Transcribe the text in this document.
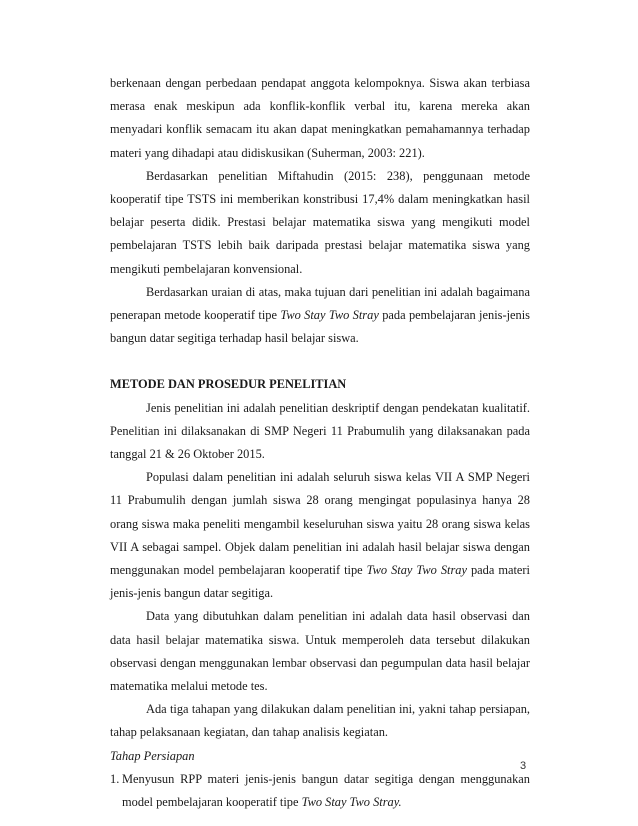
berkenaan dengan perbedaan pendapat anggota kelompoknya. Siswa akan terbiasa merasa enak meskipun ada konflik-konflik verbal itu, karena mereka akan menyadari konflik semacam itu akan dapat meningkatkan pemahamannya terhadap materi yang dihadapi atau didiskusikan (Suherman, 2003: 221).

Berdasarkan penelitian Miftahudin (2015: 238), penggunaan metode kooperatif tipe TSTS ini memberikan konstribusi 17,4% dalam meningkatkan hasil belajar peserta didik. Prestasi belajar matematika siswa yang mengikuti model pembelajaran TSTS lebih baik daripada prestasi belajar matematika siswa yang mengikuti pembelajaran konvensional.

Berdasarkan uraian di atas, maka tujuan dari penelitian ini adalah bagaimana penerapan metode kooperatif tipe Two Stay Two Stray pada pembelajaran jenis-jenis bangun datar segitiga terhadap hasil belajar siswa.

METODE DAN PROSEDUR PENELITIAN

Jenis penelitian ini adalah penelitian deskriptif dengan pendekatan kualitatif. Penelitian ini dilaksanakan di SMP Negeri 11 Prabumulih yang dilaksanakan pada tanggal 21 & 26 Oktober 2015.

Populasi dalam penelitian ini adalah seluruh siswa kelas VII A SMP Negeri 11 Prabumulih dengan jumlah siswa 28 orang mengingat populasinya hanya 28 orang siswa maka peneliti mengambil keseluruhan siswa yaitu 28 orang siswa kelas VII A sebagai sampel. Objek dalam penelitian ini adalah hasil belajar siswa dengan menggunakan model pembelajaran kooperatif tipe Two Stay Two Stray pada materi jenis-jenis bangun datar segitiga.

Data yang dibutuhkan dalam penelitian ini adalah data hasil observasi dan data hasil belajar matematika siswa. Untuk memperoleh data tersebut dilakukan observasi dengan menggunakan lembar observasi dan pegumpulan data hasil belajar matematika melalui metode tes.

Ada tiga tahapan yang dilakukan dalam penelitian ini, yakni tahap persiapan, tahap pelaksanaan kegiatan, dan tahap analisis kegiatan.

Tahap Persiapan

1. Menyusun RPP materi jenis-jenis bangun datar segitiga dengan menggunakan model pembelajaran kooperatif tipe Two Stay Two Stray.
3
